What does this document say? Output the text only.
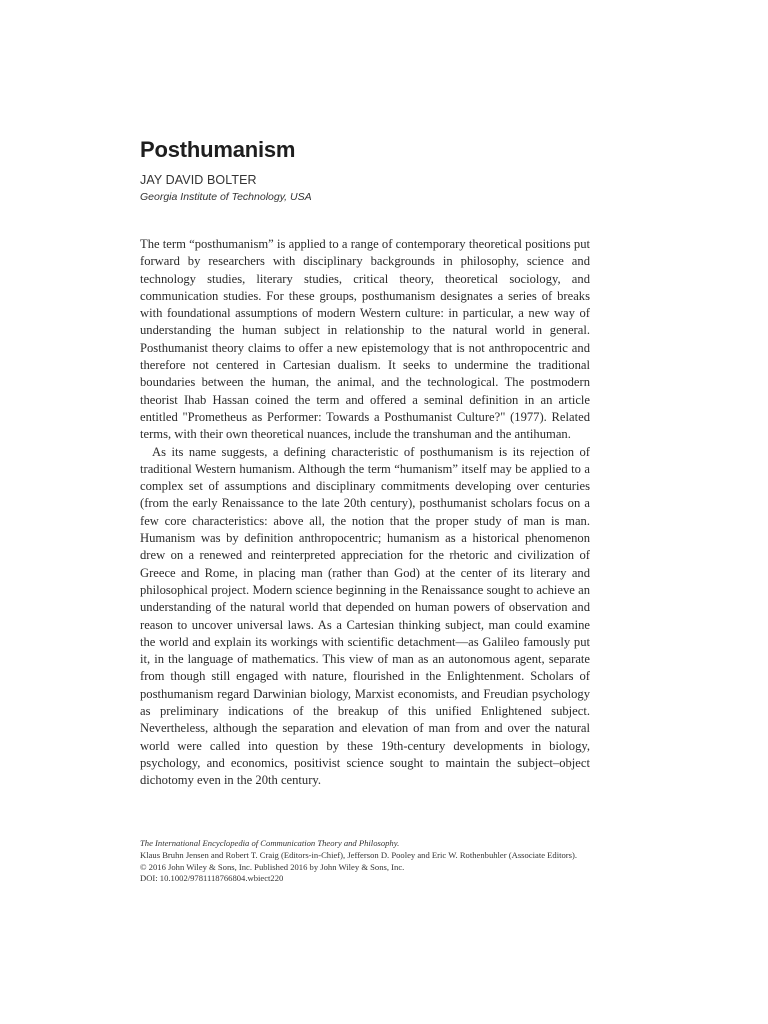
Posthumanism
JAY DAVID BOLTER
Georgia Institute of Technology, USA

The term “posthumanism” is applied to a range of contemporary theoretical positions put forward by researchers with disciplinary backgrounds in philosophy, science and technology studies, literary studies, critical theory, theoretical sociology, and communication studies. For these groups, posthumanism designates a series of breaks with foundational assumptions of modern Western culture: in particular, a new way of understanding the human subject in relationship to the natural world in general. Posthumanist theory claims to offer a new epistemology that is not anthropocentric and therefore not centered in Cartesian dualism. It seeks to undermine the traditional boundaries between the human, the animal, and the technological. The postmodern theorist Ihab Hassan coined the term and offered a seminal definition in an article entitled "Prometheus as Performer: Towards a Posthumanist Culture?" (1977). Related terms, with their own theoretical nuances, include the transhuman and the antihuman.

As its name suggests, a defining characteristic of posthumanism is its rejection of traditional Western humanism. Although the term “humanism” itself may be applied to a complex set of assumptions and disciplinary commitments developing over centuries (from the early Renaissance to the late 20th century), posthumanist scholars focus on a few core characteristics: above all, the notion that the proper study of man is man. Humanism was by definition anthropocentric; humanism as a historical phenomenon drew on a renewed and reinterpreted appreciation for the rhetoric and civilization of Greece and Rome, in placing man (rather than God) at the center of its literary and philosophical project. Modern science beginning in the Renaissance sought to achieve an understanding of the natural world that depended on human powers of observation and reason to uncover universal laws. As a Cartesian thinking subject, man could examine the world and explain its workings with scientific detachment—as Galileo famously put it, in the language of mathematics. This view of man as an autonomous agent, separate from though still engaged with nature, flourished in the Enlightenment. Scholars of posthumanism regard Darwinian biology, Marxist economists, and Freudian psychology as preliminary indications of the breakup of this unified Enlightened subject. Nevertheless, although the separation and elevation of man from and over the natural world were called into question by these 19th-century developments in biology, psychology, and economics, positivist science sought to maintain the subject–object dichotomy even in the 20th century.

The International Encyclopedia of Communication Theory and Philosophy.
Klaus Bruhn Jensen and Robert T. Craig (Editors-in-Chief), Jefferson D. Pooley and Eric W. Rothenbuhler (Associate Editors).
© 2016 John Wiley & Sons, Inc. Published 2016 by John Wiley & Sons, Inc.
DOI: 10.1002/9781118766804.wbiect220
